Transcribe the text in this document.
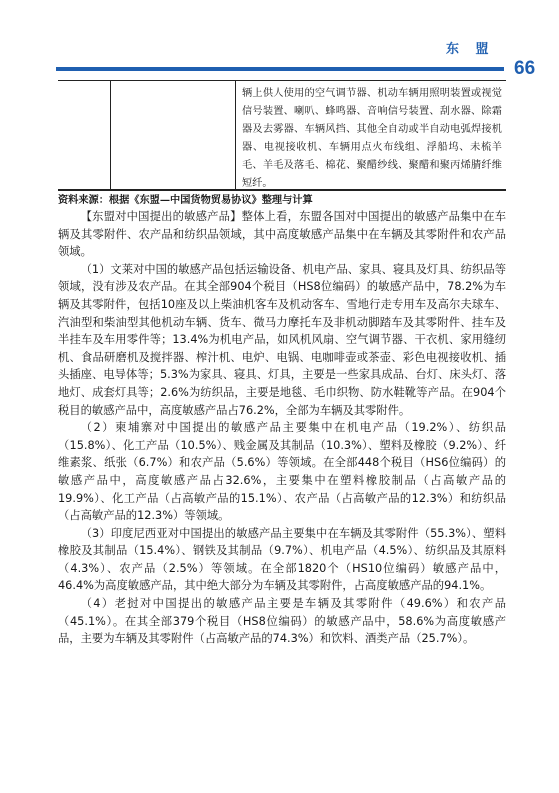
东 盟
66
辆上供人使用的空气调节器、机动车辆用照明装置或视觉信号装置、喇叭、蜂鸣器、音响信号装置、刮水器、除霜器及去雾器、车辆风挡、其他全自动或半自动电弧焊接机器、电视接收机、车辆用点火布线组、浮船坞、未梳羊毛、羊毛及落毛、棉花、聚醋纱线、聚醋和聚丙烯腈纤维短纤。
资料来源：根据《东盟—中国货物贸易协议》整理与计算

【东盟对中国提出的敏感产品】整体上看，东盟各国对中国提出的敏感产品集中在车辆及其零附件、农产品和纺织品领域，其中高度敏感产品集中在车辆及其零附件和农产品领域。

（1）文莱对中国的敏感产品包括运输设备、机电产品、家具、寝具及灯具、纺织品等领域，没有涉及农产品。在其全部904个税目（HS8位编码）的敏感产品中，78.2%为车辆及其零附件，包括10座及以上柴油机客车及机动客车、雪地行走专用车及高尔夫球车、汽油型和柴油型其他机动车辆、货车、微马力摩托车及非机动脚踏车及其零附件、挂车及半挂车及车用零件等；13.4%为机电产品，如风机风扇、空气调节器、干衣机、家用缝纫机、食品研磨机及搅拌器、榨汁机、电炉、电锅、电咖啡壶或茶壶、彩色电视接收机、插头插座、电导体等；5.3%为家具、寝具、灯具，主要是一些家具成品、台灯、床头灯、落地灯、成套灯具等；2.6%为纺织品，主要是地毯、毛巾织物、防水鞋靴等产品。在904个税目的敏感产品中，高度敏感产品占76.2%，全部为车辆及其零附件。

（2）柬埔寨对中国提出的敏感产品主要集中在机电产品（19.2%）、纺织品（15.8%）、化工产品（10.5%）、贱金属及其制品（10.3%）、塑料及橡胶（9.2%）、纤维素浆、纸张（6.7%）和农产品（5.6%）等领域。在全部448个税目（HS6位编码）的敏感产品中，高度敏感产品占32.6%，主要集中在塑料橡胶制品（占高敏产品的19.9%）、化工产品（占高敏产品的15.1%）、农产品（占高敏产品的12.3%）和纺织品（占高敏产品的12.3%）等领域。

（3）印度尼西亚对中国提出的敏感产品主要集中在车辆及其零附件（55.3%）、塑料橡胶及其制品（15.4%）、钢铁及其制品（9.7%）、机电产品（4.5%）、纺织品及其原料（4.3%）、农产品（2.5%）等领域。在全部1820个（HS10位编码）敏感产品中，46.4%为高度敏感产品，其中绝大部分为车辆及其零附件，占高度敏感产品的94.1%。

（4）老挝对中国提出的敏感产品主要是车辆及其零附件（49.6%）和农产品（45.1%）。在其全部379个税目（HS8位编码）的敏感产品中，58.6%为高度敏感产品，主要为车辆及其零附件（占高敏产品的74.3%）和饮料、酒类产品（25.7%）。
